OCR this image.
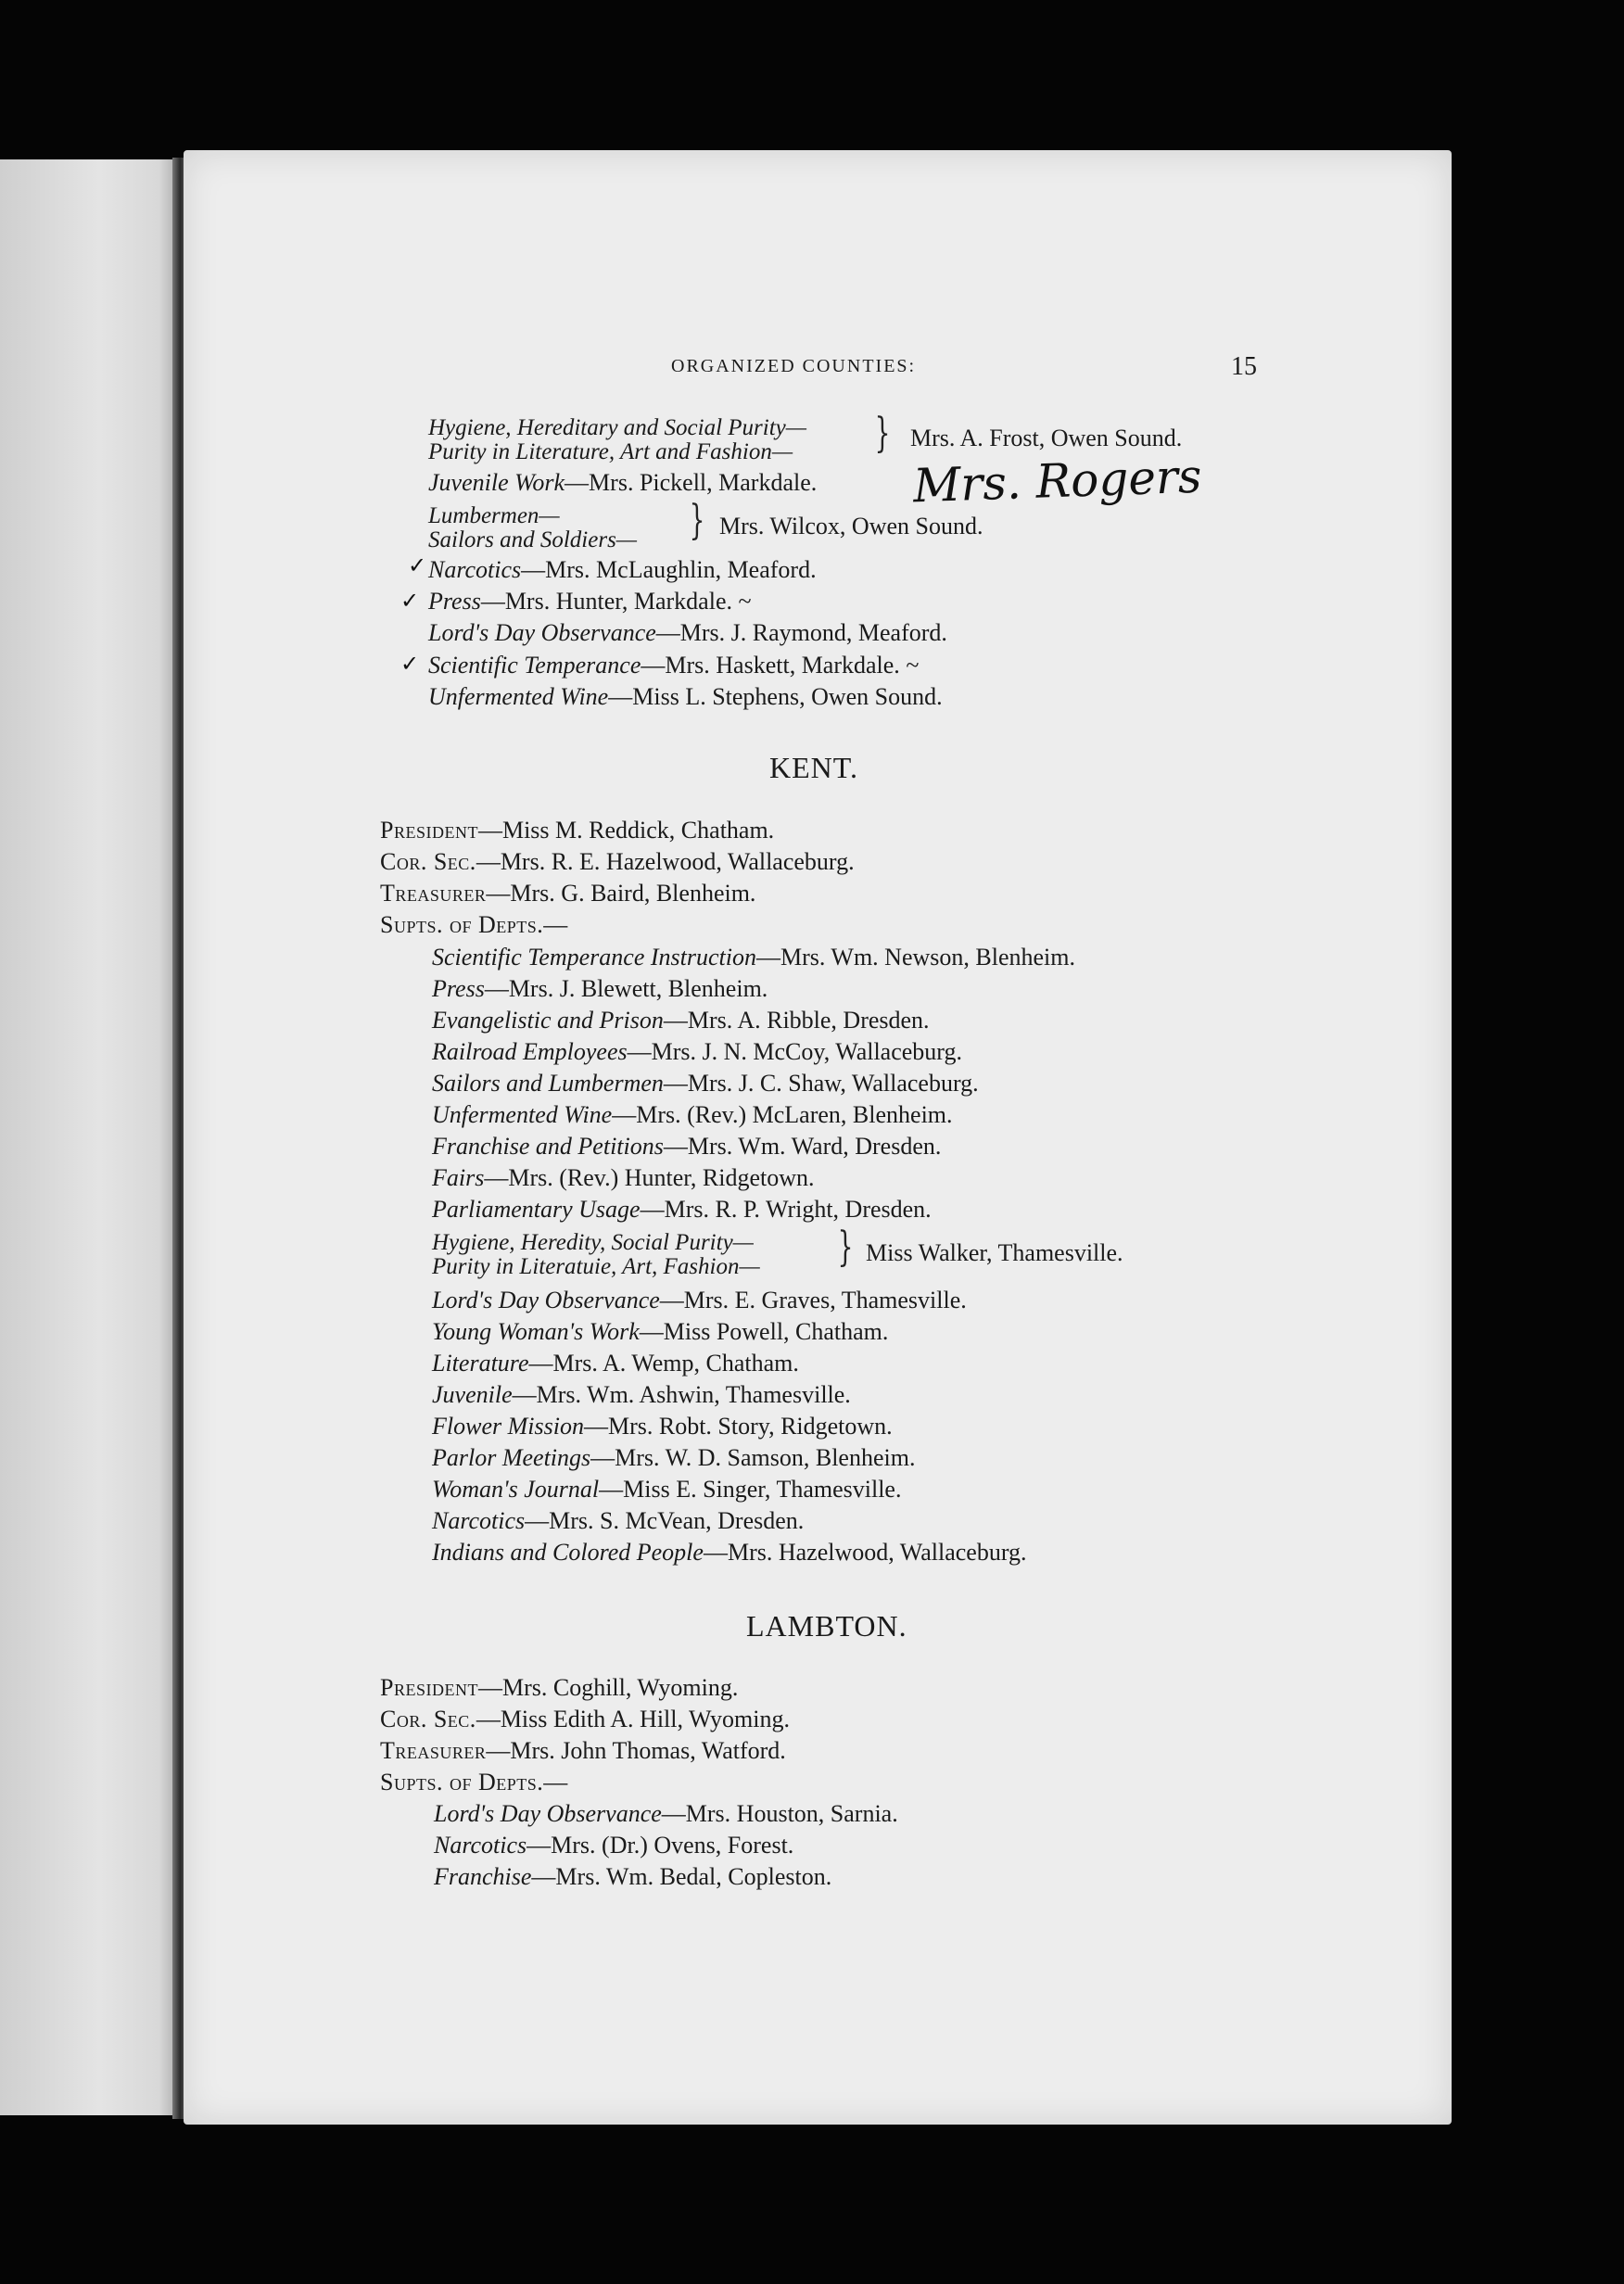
ORGANIZED COUNTIES:	15
Hygiene, Hereditary and Social Purity—
Purity in Literature, Art and Fashion— } Mrs. A. Frost, Owen Sound.
Juvenile Work—Mrs. Pickell, Markdale. Mrs. Rogers
Lumbermen—
Sailors and Soldiers— } Mrs. Wilcox, Owen Sound.
✓ Narcotics—Mrs. McLaughlin, Meaford.
✓ Press—Mrs. Hunter, Markdale. ~
Lord's Day Observance—Mrs. J. Raymond, Meaford.
✓ Scientific Temperance—Mrs. Haskett, Markdale. ~
Unfermented Wine—Miss L. Stephens, Owen Sound.
KENT.
President—Miss M. Reddick, Chatham.
Cor. Sec.—Mrs. R. E. Hazelwood, Wallaceburg.
Treasurer—Mrs. G. Baird, Blenheim.
Supts. of Depts.—
Scientific Temperance Instruction—Mrs. Wm. Newson, Blenheim.
Press—Mrs. J. Blewett, Blenheim.
Evangelistic and Prison—Mrs. A. Ribble, Dresden.
Railroad Employees—Mrs. J. N. McCoy, Wallaceburg.
Sailors and Lumbermen—Mrs. J. C. Shaw, Wallaceburg.
Unfermented Wine—Mrs. (Rev.) McLaren, Blenheim.
Franchise and Petitions—Mrs. Wm. Ward, Dresden.
Fairs—Mrs. (Rev.) Hunter, Ridgetown.
Parliamentary Usage—Mrs. R. P. Wright, Dresden.
Hygiene, Heredity, Social Purity—
Purity in Literatuie, Art, Fashion— } Miss Walker, Thamesville.
Lord's Day Observance—Mrs. E. Graves, Thamesville.
Young Woman's Work—Miss Powell, Chatham.
Literature—Mrs. A. Wemp, Chatham.
Juvenile—Mrs. Wm. Ashwin, Thamesville.
Flower Mission—Mrs. Robt. Story, Ridgetown.
Parlor Meetings—Mrs. W. D. Samson, Blenheim.
Woman's Journal—Miss E. Singer, Thamesville.
Narcotics—Mrs. S. McVean, Dresden.
Indians and Colored People—Mrs. Hazelwood, Wallaceburg.
LAMBTON.
President—Mrs. Coghill, Wyoming.
Cor. Sec.—Miss Edith A. Hill, Wyoming.
Treasurer—Mrs. John Thomas, Watford.
Supts. of Depts.—
Lord's Day Observance—Mrs. Houston, Sarnia.
Narcotics—Mrs. (Dr.) Ovens, Forest.
Franchise—Mrs. Wm. Bedal, Copleston.
